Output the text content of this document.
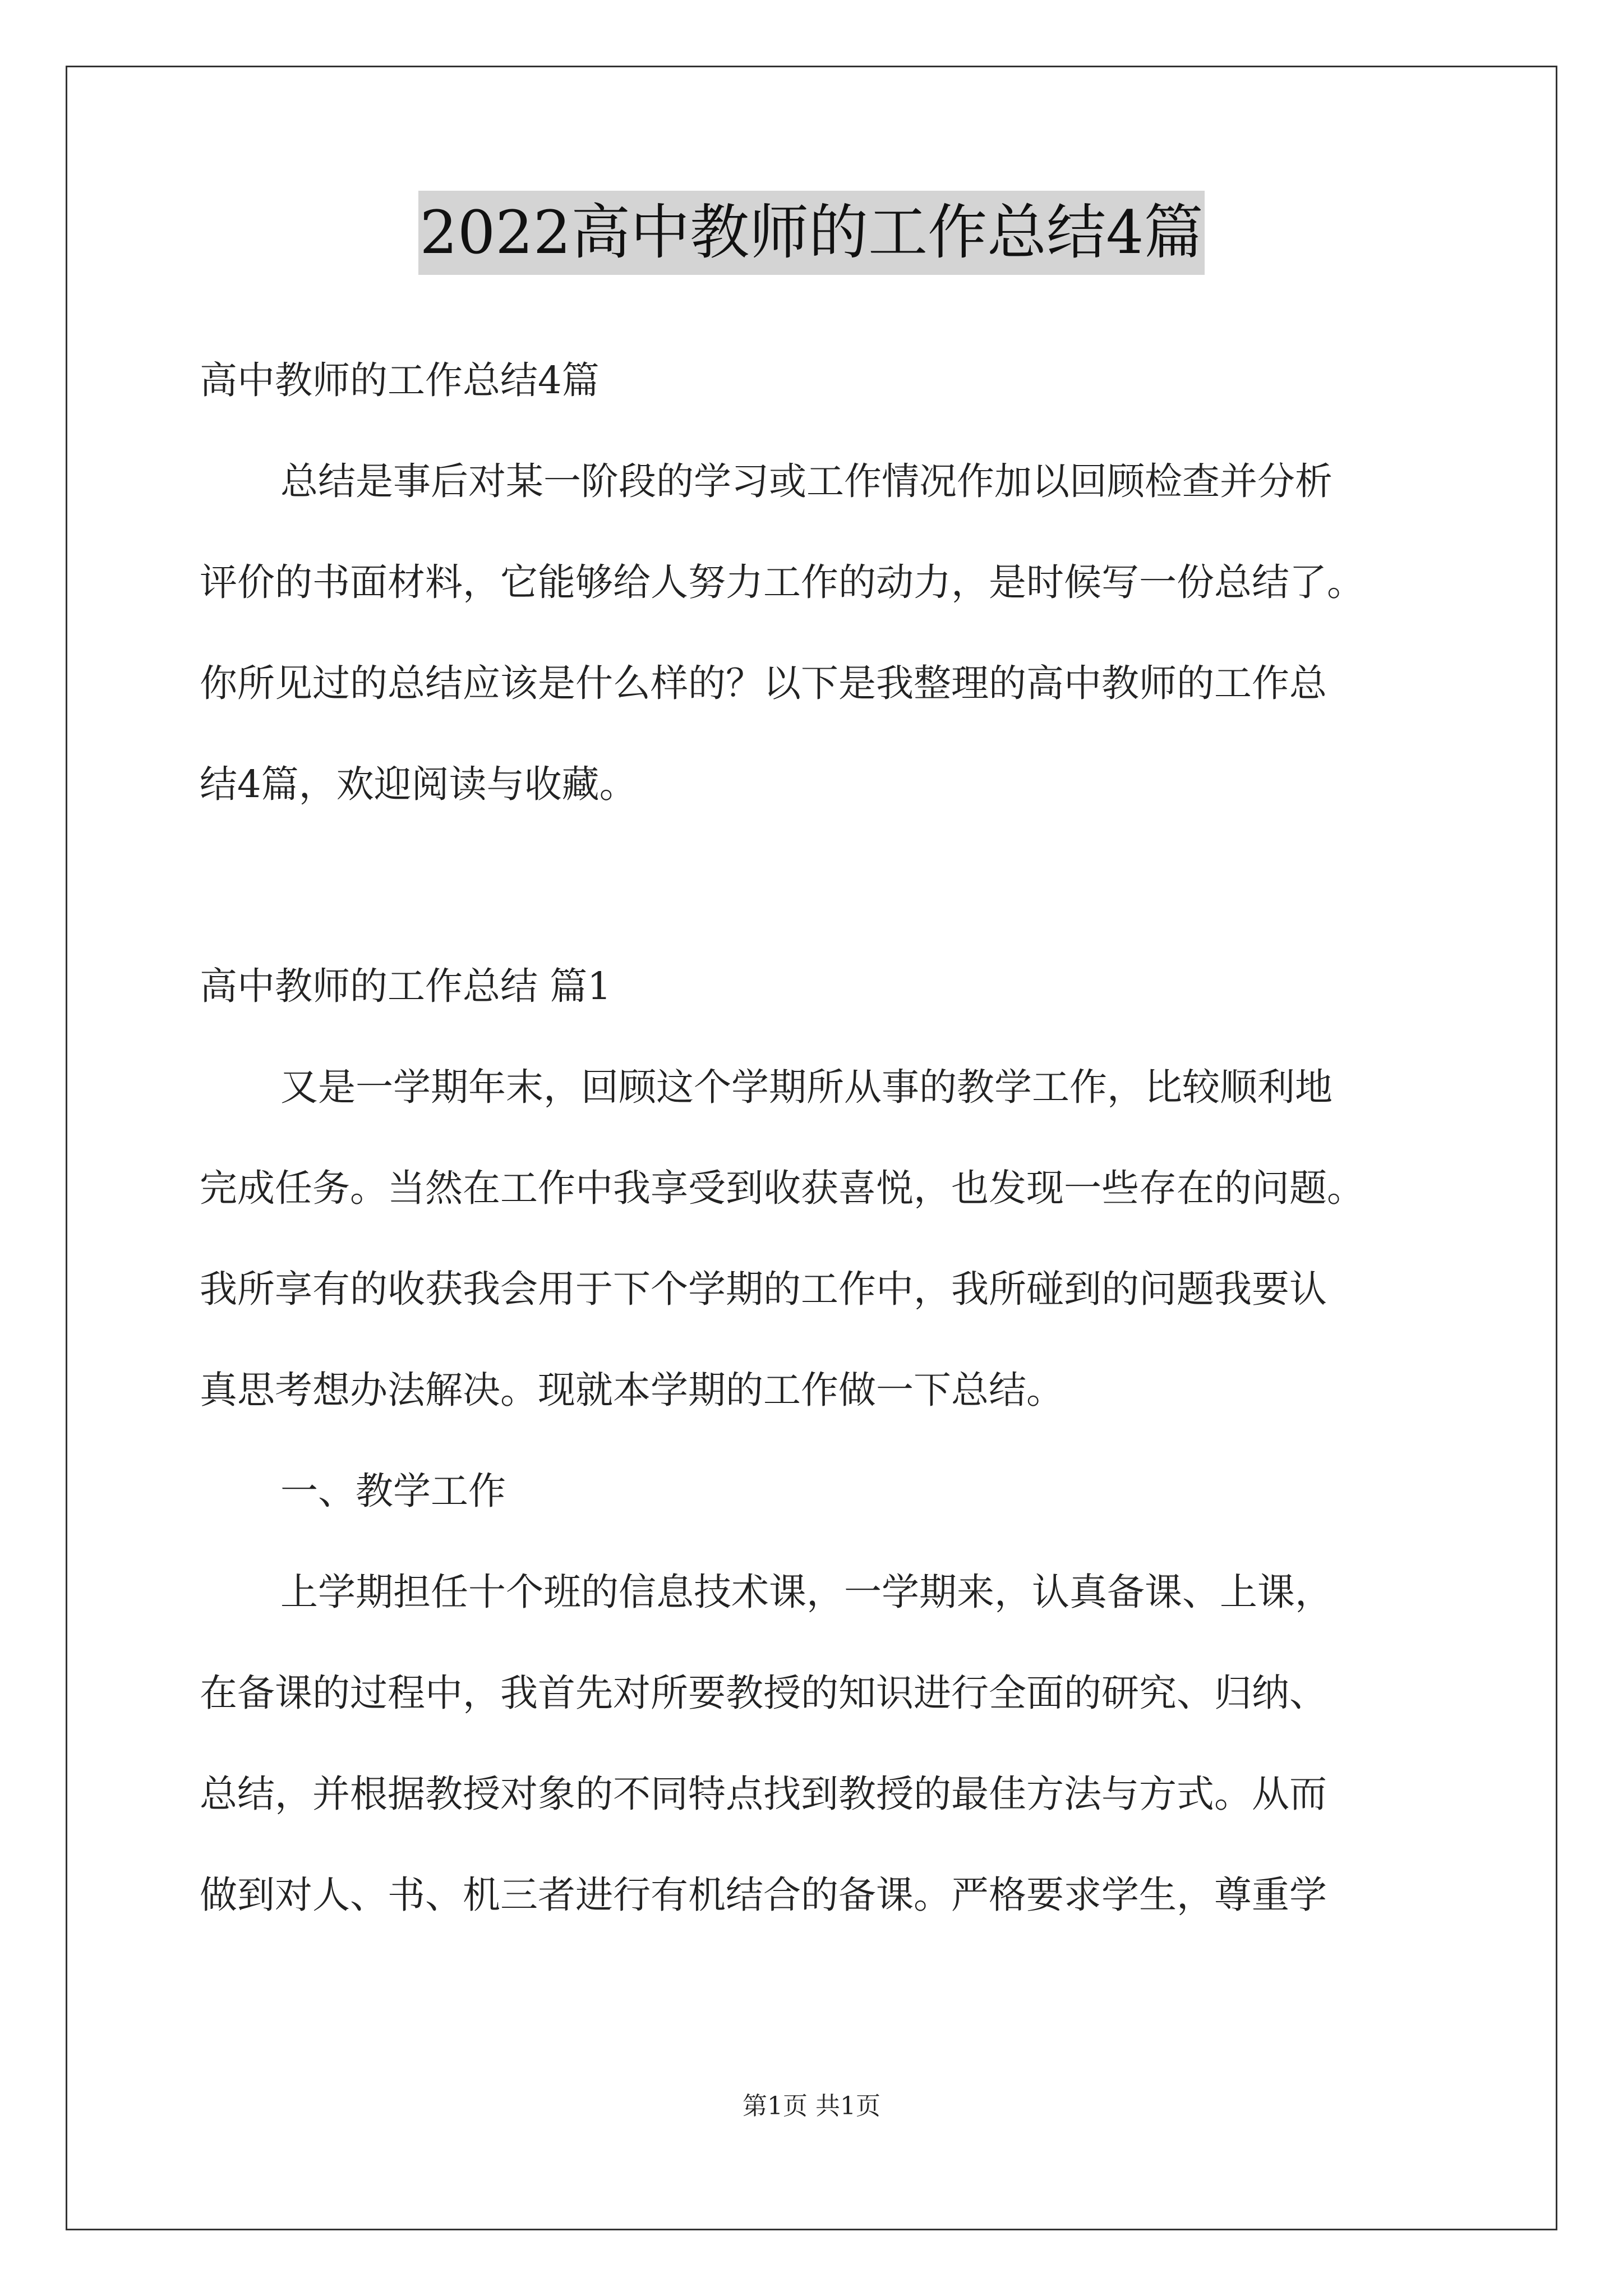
2022高中教师的工作总结4篇
高中教师的工作总结4篇
总结是事后对某一阶段的学习或工作情况作加以回顾检查并分析
评价的书面材料，它能够给人努力工作的动力，是时候写一份总结了。
你所见过的总结应该是什么样的？以下是我整理的高中教师的工作总
结4篇，欢迎阅读与收藏。
高中教师的工作总结 篇1
又是一学期年末，回顾这个学期所从事的教学工作，比较顺利地
完成任务。当然在工作中我享受到收获喜悦，也发现一些存在的问题。
我所享有的收获我会用于下个学期的工作中，我所碰到的问题我要认
真思考想办法解决。现就本学期的工作做一下总结。
一、教学工作
上学期担任十个班的信息技术课，一学期来，认真备课、上课，
在备课的过程中，我首先对所要教授的知识进行全面的研究、归纳、
总结，并根据教授对象的不同特点找到教授的最佳方法与方式。从而
做到对人、书、机三者进行有机结合的备课。严格要求学生，尊重学
第1页 共1页
